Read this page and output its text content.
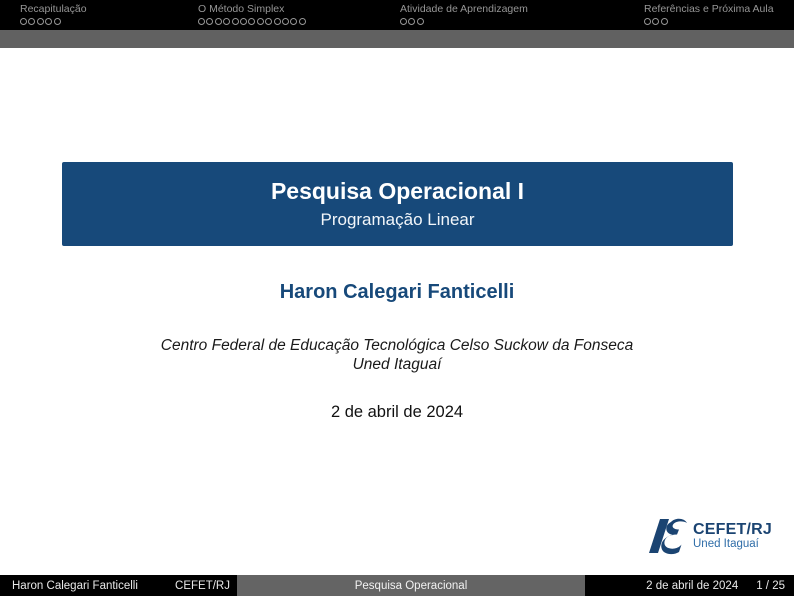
Recapitulação	O Método Simplex	Atividade de Aprendizagem	Referências e Próxima Aula
Pesquisa Operacional I
Programação Linear
Haron Calegari Fanticelli
Centro Federal de Educação Tecnológica Celso Suckow da Fonseca
Uned Itaguaí
2 de abril de 2024
CEFET/RJ
Uned Itaguaí
Haron Calegari Fanticelli	CEFET/RJ	Pesquisa Operacional	2 de abril de 2024 1 / 25
